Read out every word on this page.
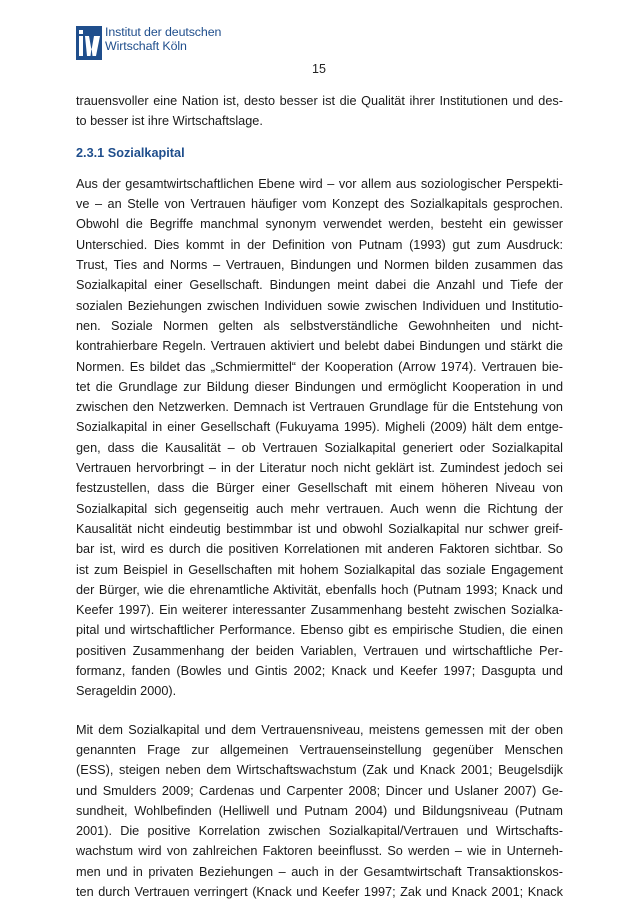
Institut der deutschen
Wirtschaft Köln
15
trauensvoller eine Nation ist, desto besser ist die Qualität ihrer Institutionen und des-
to besser ist ihre Wirtschaftslage.
2.3.1 Sozialkapital
Aus der gesamtwirtschaftlichen Ebene wird – vor allem aus soziologischer Perspekti-
ve – an Stelle von Vertrauen häufiger vom Konzept des Sozialkapitals gesprochen.
Obwohl die Begriffe manchmal synonym verwendet werden, besteht ein gewisser
Unterschied. Dies kommt in der Definition von Putnam (1993) gut zum Ausdruck:
Trust, Ties and Norms – Vertrauen, Bindungen und Normen bilden zusammen das
Sozialkapital einer Gesellschaft. Bindungen meint dabei die Anzahl und Tiefe der
sozialen Beziehungen zwischen Individuen sowie zwischen Individuen und Institutio-
nen. Soziale Normen gelten als selbstverständliche Gewohnheiten und nicht-
kontrahierbare Regeln. Vertrauen aktiviert und belebt dabei Bindungen und stärkt die
Normen. Es bildet das „Schmiermittel“ der Kooperation (Arrow 1974). Vertrauen bie-
tet die Grundlage zur Bildung dieser Bindungen und ermöglicht Kooperation in und
zwischen den Netzwerken. Demnach ist Vertrauen Grundlage für die Entstehung von
Sozialkapital in einer Gesellschaft (Fukuyama 1995). Migheli (2009) hält dem entge-
gen, dass die Kausalität – ob Vertrauen Sozialkapital generiert oder Sozialkapital
Vertrauen hervorbringt – in der Literatur noch nicht geklärt ist. Zumindest jedoch sei
festzustellen, dass die Bürger einer Gesellschaft mit einem höheren Niveau von
Sozialkapital sich gegenseitig auch mehr vertrauen. Auch wenn die Richtung der
Kausalität nicht eindeutig bestimmbar ist und obwohl Sozialkapital nur schwer greif-
bar ist, wird es durch die positiven Korrelationen mit anderen Faktoren sichtbar. So
ist zum Beispiel in Gesellschaften mit hohem Sozialkapital das soziale Engagement
der Bürger, wie die ehrenamtliche Aktivität, ebenfalls hoch (Putnam 1993; Knack und
Keefer 1997). Ein weiterer interessanter Zusammenhang besteht zwischen Sozialka-
pital und wirtschaftlicher Performance. Ebenso gibt es empirische Studien, die einen
positiven Zusammenhang der beiden Variablen, Vertrauen und wirtschaftliche Per-
formanz, fanden (Bowles und Gintis 2002; Knack und Keefer 1997; Dasgupta und
Serageldin 2000).
Mit dem Sozialkapital und dem Vertrauensniveau, meistens gemessen mit der oben
genannten Frage zur allgemeinen Vertrauenseinstellung gegenüber Menschen
(ESS), steigen neben dem Wirtschaftswachstum (Zak und Knack 2001; Beugelsdijk
und Smulders 2009; Cardenas und Carpenter 2008; Dincer und Uslaner 2007) Ge-
sundheit, Wohlbefinden (Helliwell und Putnam 2004) und Bildungsniveau (Putnam
2001). Die positive Korrelation zwischen Sozialkapital/Vertrauen und Wirtschafts-
wachstum wird von zahlreichen Faktoren beeinflusst. So werden – wie in Unterneh-
men und in privaten Beziehungen – auch in der Gesamtwirtschaft Transaktionskos-
ten durch Vertrauen verringert (Knack und Keefer 1997; Zak und Knack 2001; Knack
